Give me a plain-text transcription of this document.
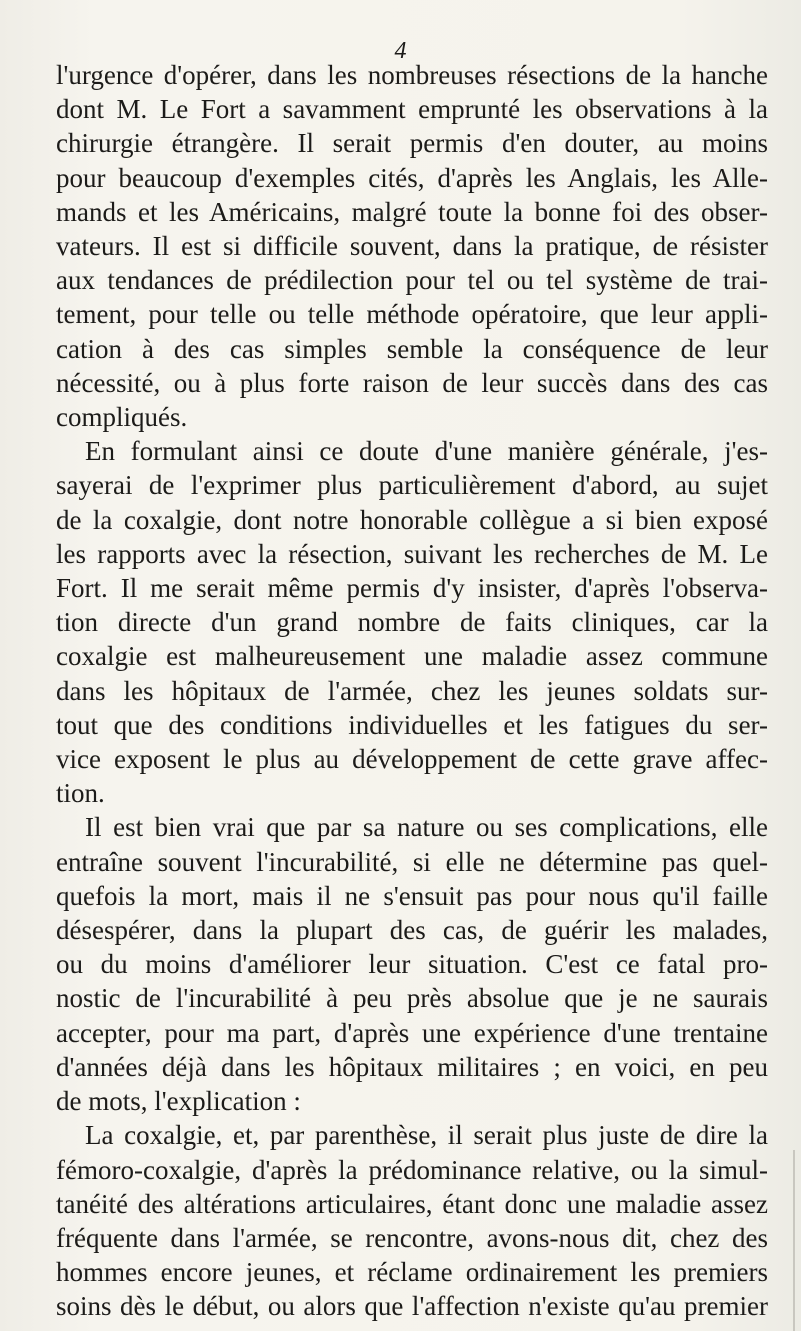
4

l'urgence d'opérer, dans les nombreuses résections de la hanche

dont M. Le Fort a savamment emprunté les observations à la

chirurgie étrangère. Il serait permis d'en douter, au moins

pour beaucoup d'exemples cités, d'après les Anglais, les Alle-

mands et les Américains, malgré toute la bonne foi des obser-

vateurs. Il est si difficile souvent, dans la pratique, de résister

aux tendances de prédilection pour tel ou tel système de trai-

tement, pour telle ou telle méthode opératoire, que leur appli-

cation à des cas simples semble la conséquence de leur

nécessité, ou à plus forte raison de leur succès dans des cas

compliqués.

En formulant ainsi ce doute d'une manière générale, j'es-

sayerai de l'exprimer plus particulièrement d'abord, au sujet

de la coxalgie, dont notre honorable collègue a si bien exposé

les rapports avec la résection, suivant les recherches de M. Le

Fort. Il me serait même permis d'y insister, d'après l'observa-

tion directe d'un grand nombre de faits cliniques, car la

coxalgie est malheureusement une maladie assez commune

dans les hôpitaux de l'armée, chez les jeunes soldats sur-

tout que des conditions individuelles et les fatigues du ser-

vice exposent le plus au développement de cette grave affec-

tion.

Il est bien vrai que par sa nature ou ses complications, elle

entraîne souvent l'incurabilité, si elle ne détermine pas quel-

quefois la mort, mais il ne s'ensuit pas pour nous qu'il faille

désespérer, dans la plupart des cas, de guérir les malades,

ou du moins d'améliorer leur situation. C'est ce fatal pro-

nostic de l'incurabilité à peu près absolue que je ne saurais

accepter, pour ma part, d'après une expérience d'une trentaine

d'années déjà dans les hôpitaux militaires ; en voici, en peu

de mots, l'explication :

La coxalgie, et, par parenthèse, il serait plus juste de dire la

fémoro-coxalgie, d'après la prédominance relative, ou la simul-

tanéité des altérations articulaires, étant donc une maladie assez

fréquente dans l'armée, se rencontre, avons-nous dit, chez des

hommes encore jeunes, et réclame ordinairement les premiers

soins dès le début, ou alors que l'affection n'existe qu'au premier
